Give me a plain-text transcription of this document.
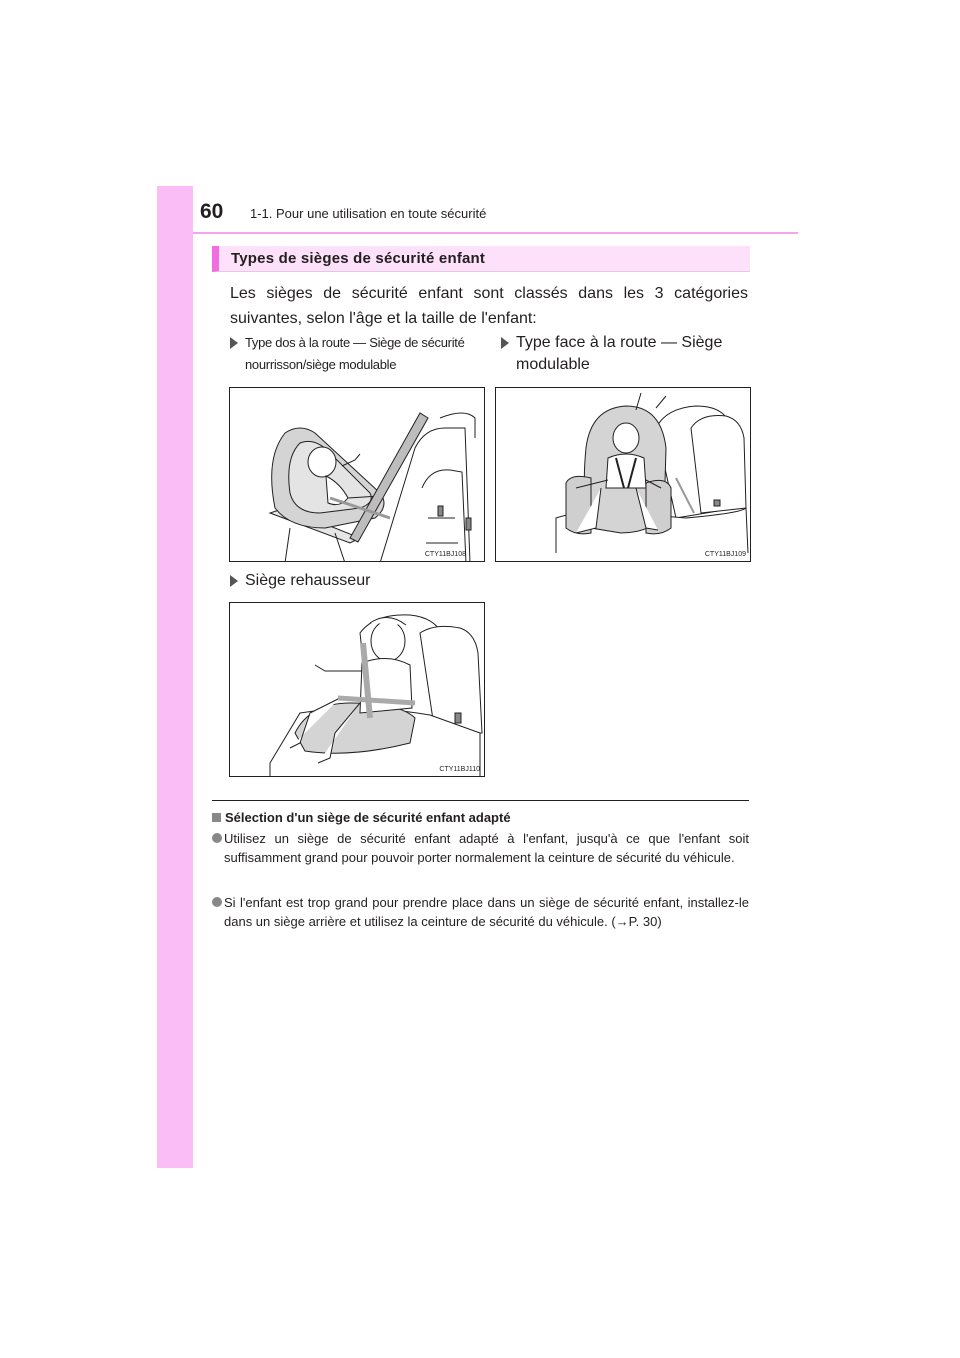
60 1-1. Pour une utilisation en toute sécurité
Types de sièges de sécurité enfant
Les sièges de sécurité enfant sont classés dans les 3 catégories suivantes, selon l'âge et la taille de l'enfant:
Type dos à la route — Siège de sécurité nourrisson/siège modulable
Type face à la route — Siège modulable
CTY11BJ108	CTY11BJ109
Siège rehausseur
CTY11BJ110
Sélection d'un siège de sécurité enfant adapté
Utilisez un siège de sécurité enfant adapté à l'enfant, jusqu'à ce que l'enfant soit suffisamment grand pour pouvoir porter normalement la ceinture de sécurité du véhicule.
Si l'enfant est trop grand pour prendre place dans un siège de sécurité enfant, installez-le dans un siège arrière et utilisez la ceinture de sécurité du véhicule. (→P. 30)
